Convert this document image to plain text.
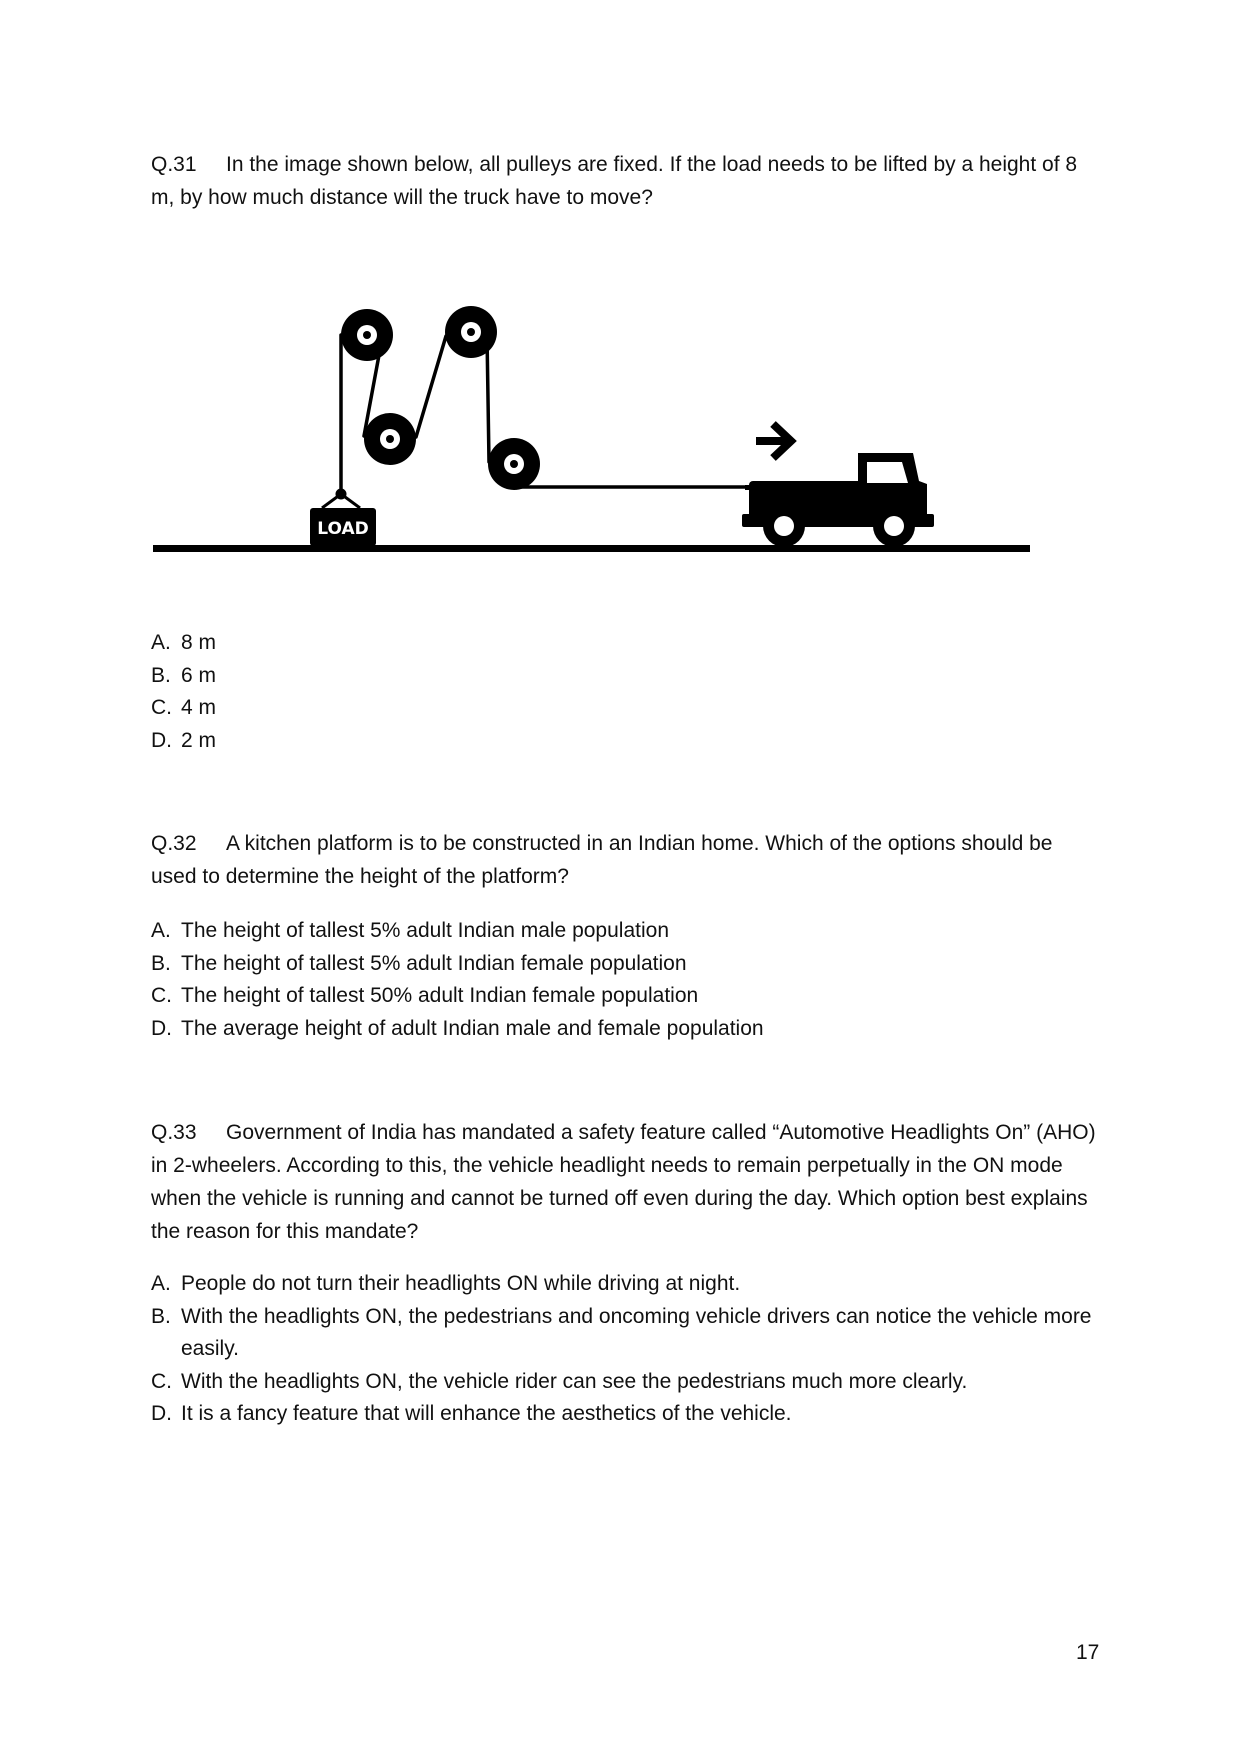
Q.31 In the image shown below, all pulleys are fixed. If the load needs to be lifted by a height of 8 m, by how much distance will the truck have to move?
LOAD
A. 8 m
B. 6 m
C. 4 m
D. 2 m
Q.32 A kitchen platform is to be constructed in an Indian home. Which of the options should be used to determine the height of the platform?
A. The height of tallest 5% adult Indian male population
B. The height of tallest 5% adult Indian female population
C. The height of tallest 50% adult Indian female population
D. The average height of adult Indian male and female population
Q.33 Government of India has mandated a safety feature called “Automotive Headlights On” (AHO) in 2-wheelers. According to this, the vehicle headlight needs to remain perpetually in the ON mode when the vehicle is running and cannot be turned off even during the day. Which option best explains the reason for this mandate?
A. People do not turn their headlights ON while driving at night.
B. With the headlights ON, the pedestrians and oncoming vehicle drivers can notice the vehicle more easily.
C. With the headlights ON, the vehicle rider can see the pedestrians much more clearly.
D. It is a fancy feature that will enhance the aesthetics of the vehicle.
17
